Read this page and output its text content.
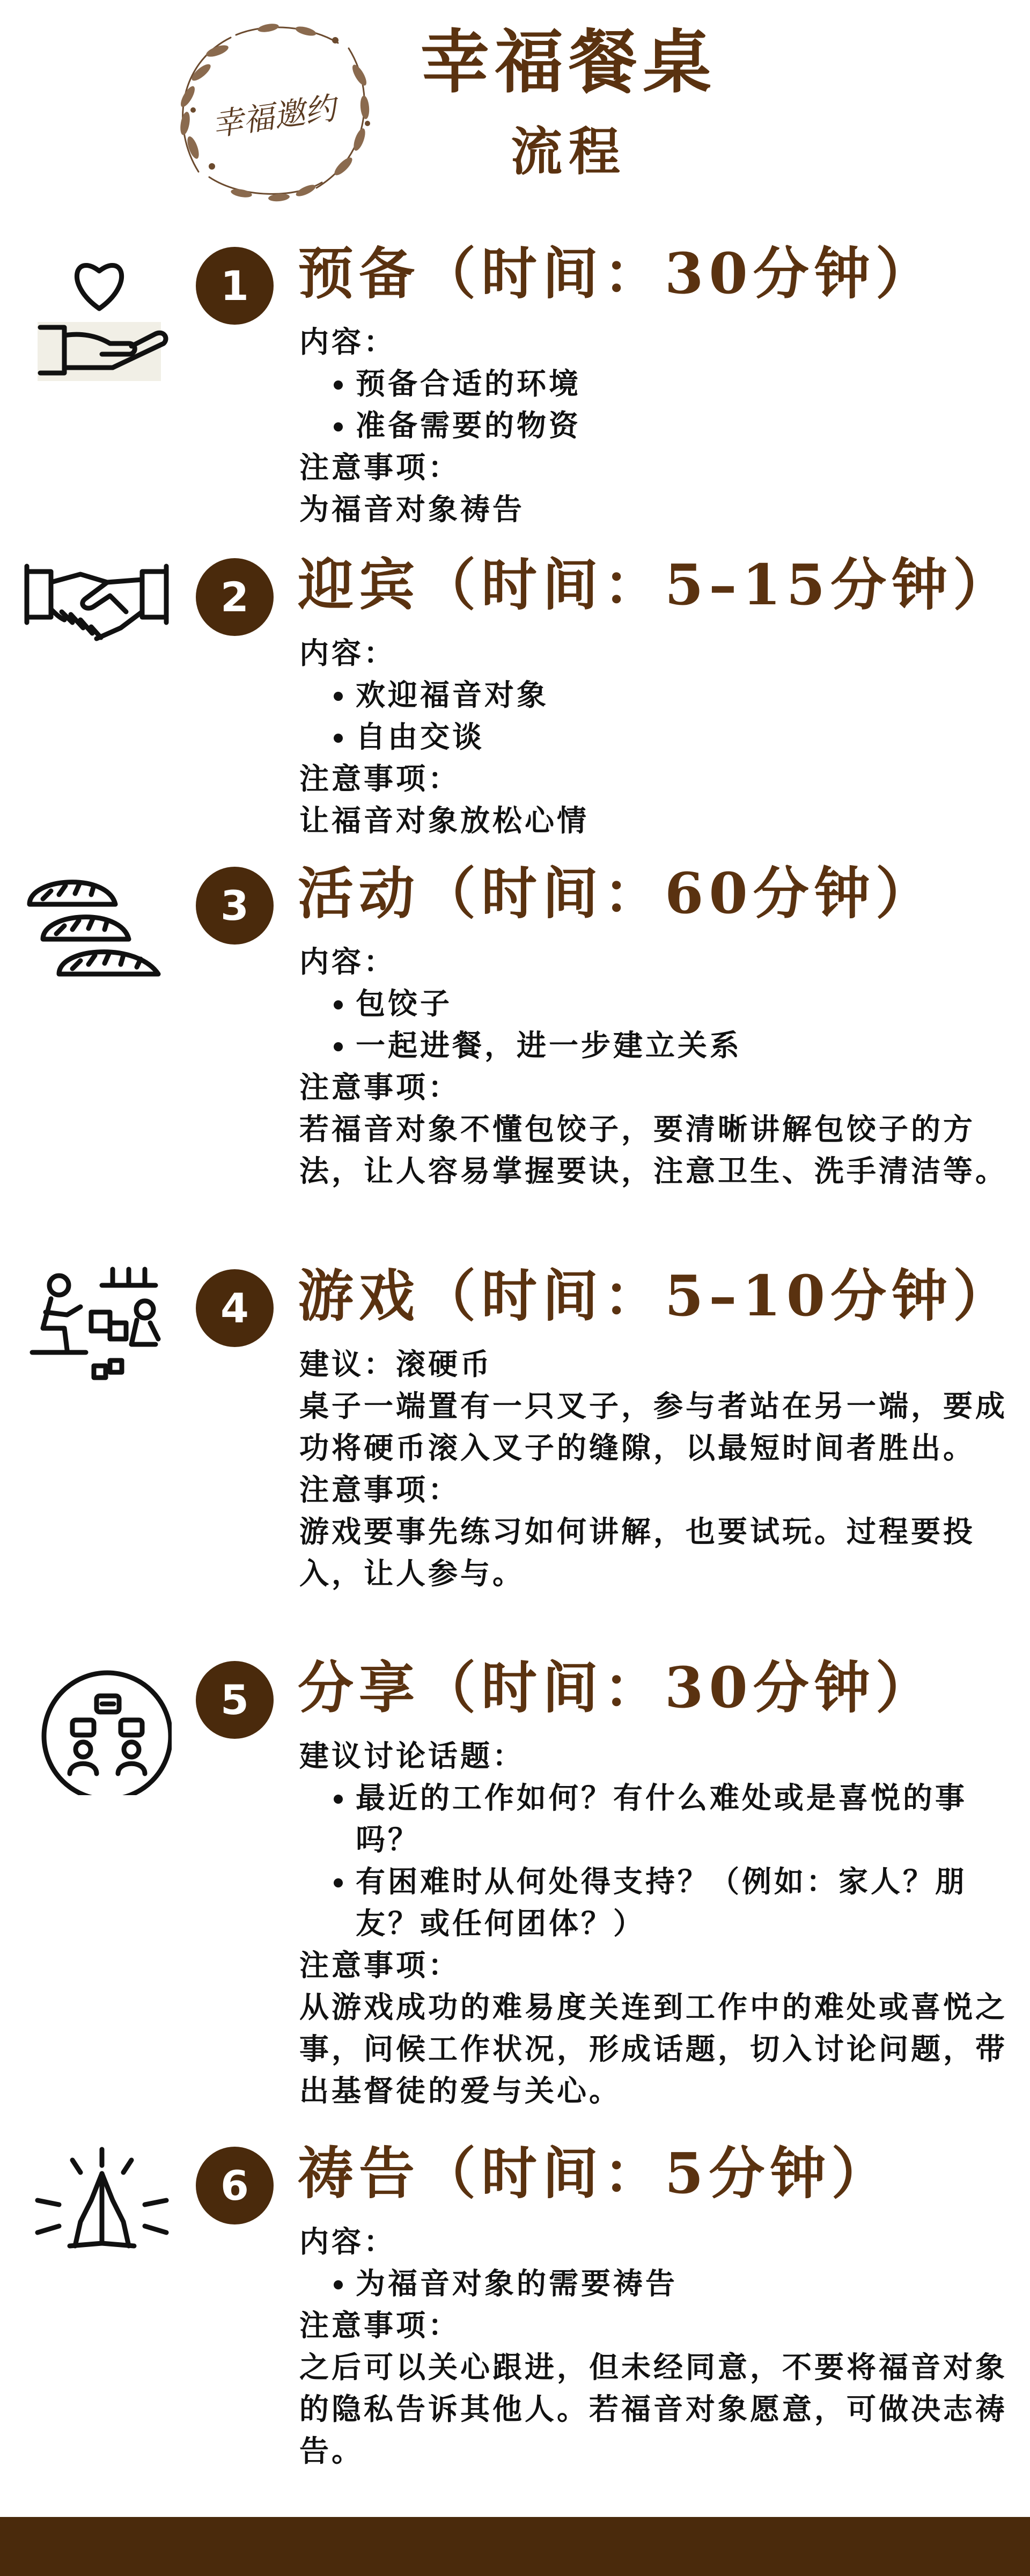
幸福邀约
幸福餐桌
流程
1 预备（时间：30分钟）

内容：

• 预备合适的环境
• 准备需要的物资

注意事项：

为福音对象祷告

2 迎宾（时间：5–15分钟）

内容：

• 欢迎福音对象
• 自由交谈

注意事项：

让福音对象放松心情

3 活动（时间：60分钟）

内容：

• 包饺子
• 一起进餐，进一步建立关系

注意事项：

若福音对象不懂包饺子，要清晰讲解包饺子的方法，让人容易掌握要诀，注意卫生、洗手清洁等。

4 游戏（时间：5–10分钟）

建议：滚硬币

桌子一端置有一只叉子，参与者站在另一端，要成功将硬币滚入叉子的缝隙，以最短时间者胜出。

注意事项：

游戏要事先练习如何讲解，也要试玩。过程要投入，让人参与。

5 分享（时间：30分钟）

建议讨论话题：

• 最近的工作如何？有什么难处或是喜悦的事吗？
• 有困难时从何处得支持？（例如：家人？朋友？或任何团体？）

注意事项：

从游戏成功的难易度关连到工作中的难处或喜悦之事，问候工作状况，形成话题，切入讨论问题，带出基督徒的爱与关心。

6 祷告（时间：5分钟）

内容：

• 为福音对象的需要祷告

注意事项：

之后可以关心跟进，但未经同意，不要将福音对象的隐私告诉其他人。若福音对象愿意，可做决志祷告。
